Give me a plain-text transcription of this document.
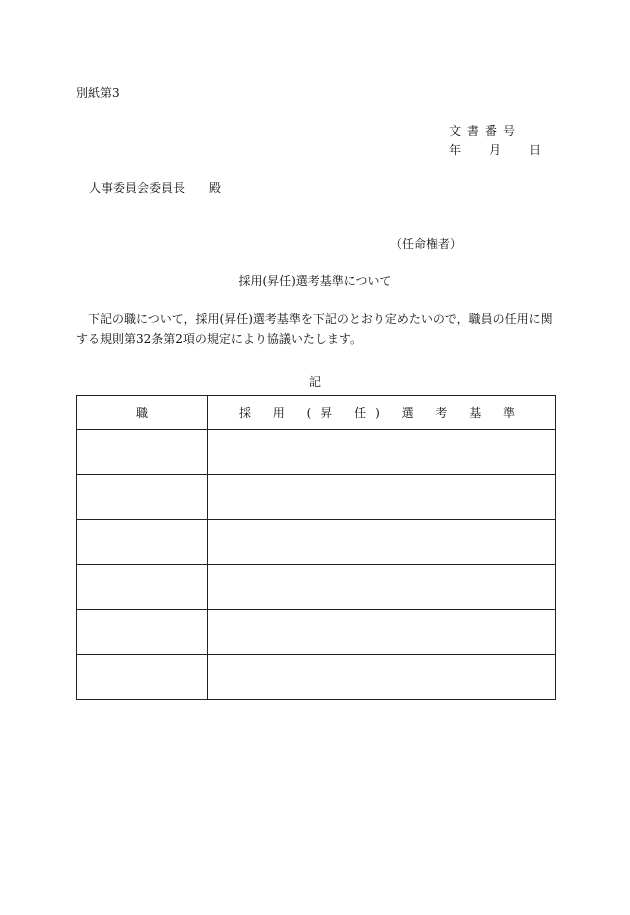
別紙第3
文書番号
年 月 日
人事委員会委員長　　殿
（任命権者）
採用(昇任)選考基準について
下記の職について，採用(昇任)選考基準を下記のとおり定めたいので，職員の任用に関する規則第32条第2項の規定により協議いたします。
記
職	採 用 (昇 任) 選 考 基 準
